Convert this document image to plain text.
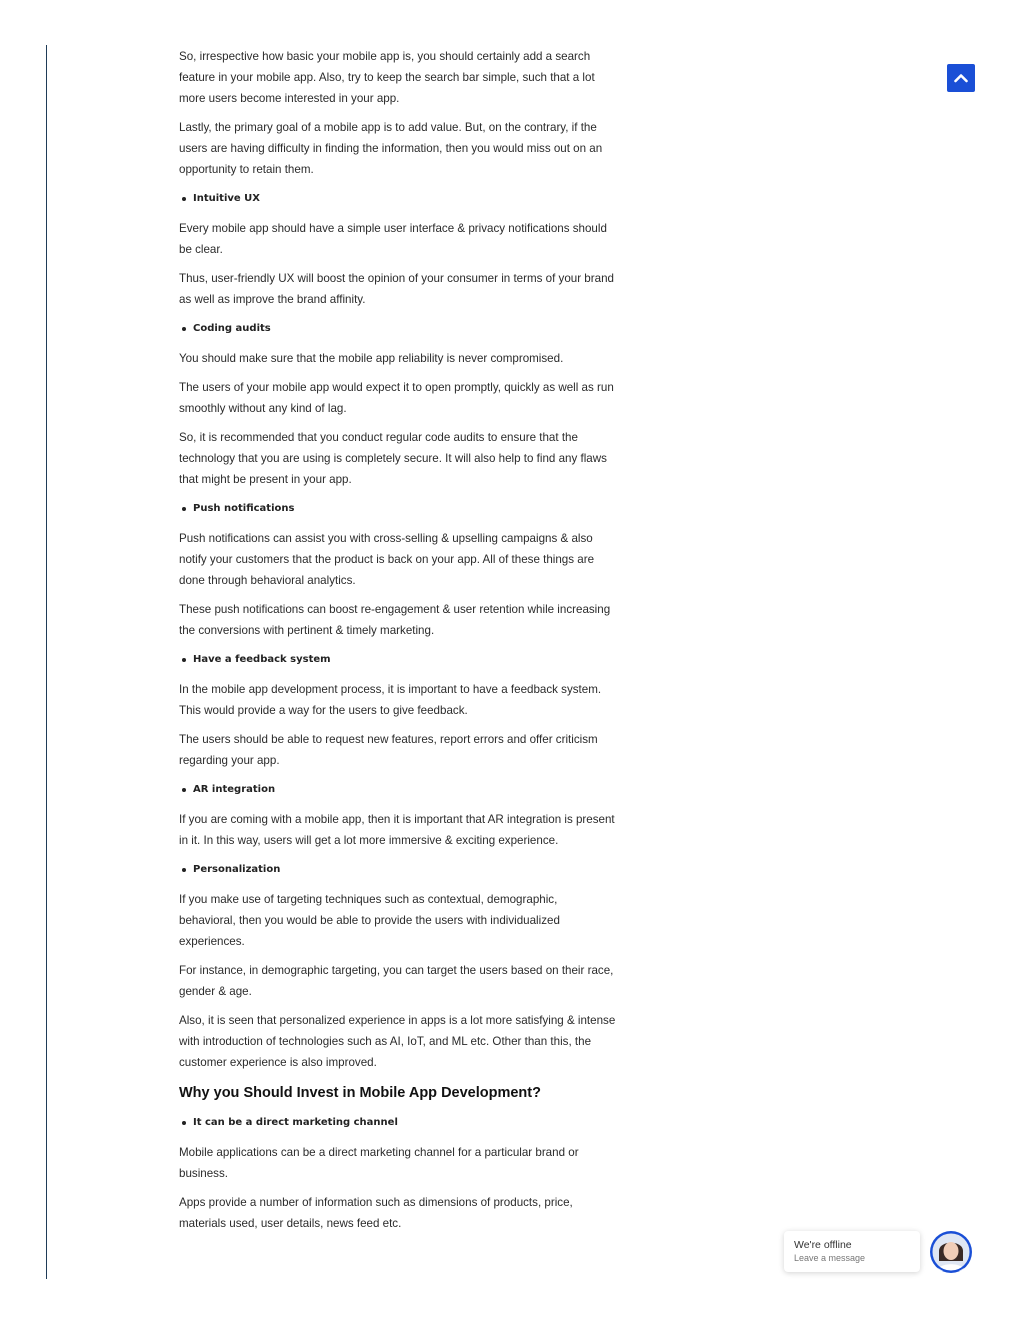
So, irrespective how basic your mobile app is, you should certainly add a search feature in your mobile app. Also, try to keep the search bar simple, such that a lot more users become interested in your app.

Lastly, the primary goal of a mobile app is to add value. But, on the contrary, if the users are having difficulty in finding the information, then you would miss out on an opportunity to retain them.

Intuitive UX

Every mobile app should have a simple user interface & privacy notifications should be clear.

Thus, user-friendly UX will boost the opinion of your consumer in terms of your brand as well as improve the brand affinity.

Coding audits

You should make sure that the mobile app reliability is never compromised.

The users of your mobile app would expect it to open promptly, quickly as well as run smoothly without any kind of lag.

So, it is recommended that you conduct regular code audits to ensure that the technology that you are using is completely secure. It will also help to find any flaws that might be present in your app.

Push notifications

Push notifications can assist you with cross-selling & upselling campaigns & also notify your customers that the product is back on your app. All of these things are done through behavioral analytics.

These push notifications can boost re-engagement & user retention while increasing the conversions with pertinent & timely marketing.

Have a feedback system

In the mobile app development process, it is important to have a feedback system. This would provide a way for the users to give feedback.

The users should be able to request new features, report errors and offer criticism regarding your app.

AR integration

If you are coming with a mobile app, then it is important that AR integration is present in it. In this way, users will get a lot more immersive & exciting experience.

Personalization

If you make use of targeting techniques such as contextual, demographic, behavioral, then you would be able to provide the users with individualized experiences.

For instance, in demographic targeting, you can target the users based on their race, gender & age.

Also, it is seen that personalized experience in apps is a lot more satisfying & intense with introduction of technologies such as AI, IoT, and ML etc. Other than this, the customer experience is also improved.

Why you Should Invest in Mobile App Development?
It can be a direct marketing channel

Mobile applications can be a direct marketing channel for a particular brand or business.

Apps provide a number of information such as dimensions of products, price, materials used, user details, news feed etc.

We're offline
Leave a message
